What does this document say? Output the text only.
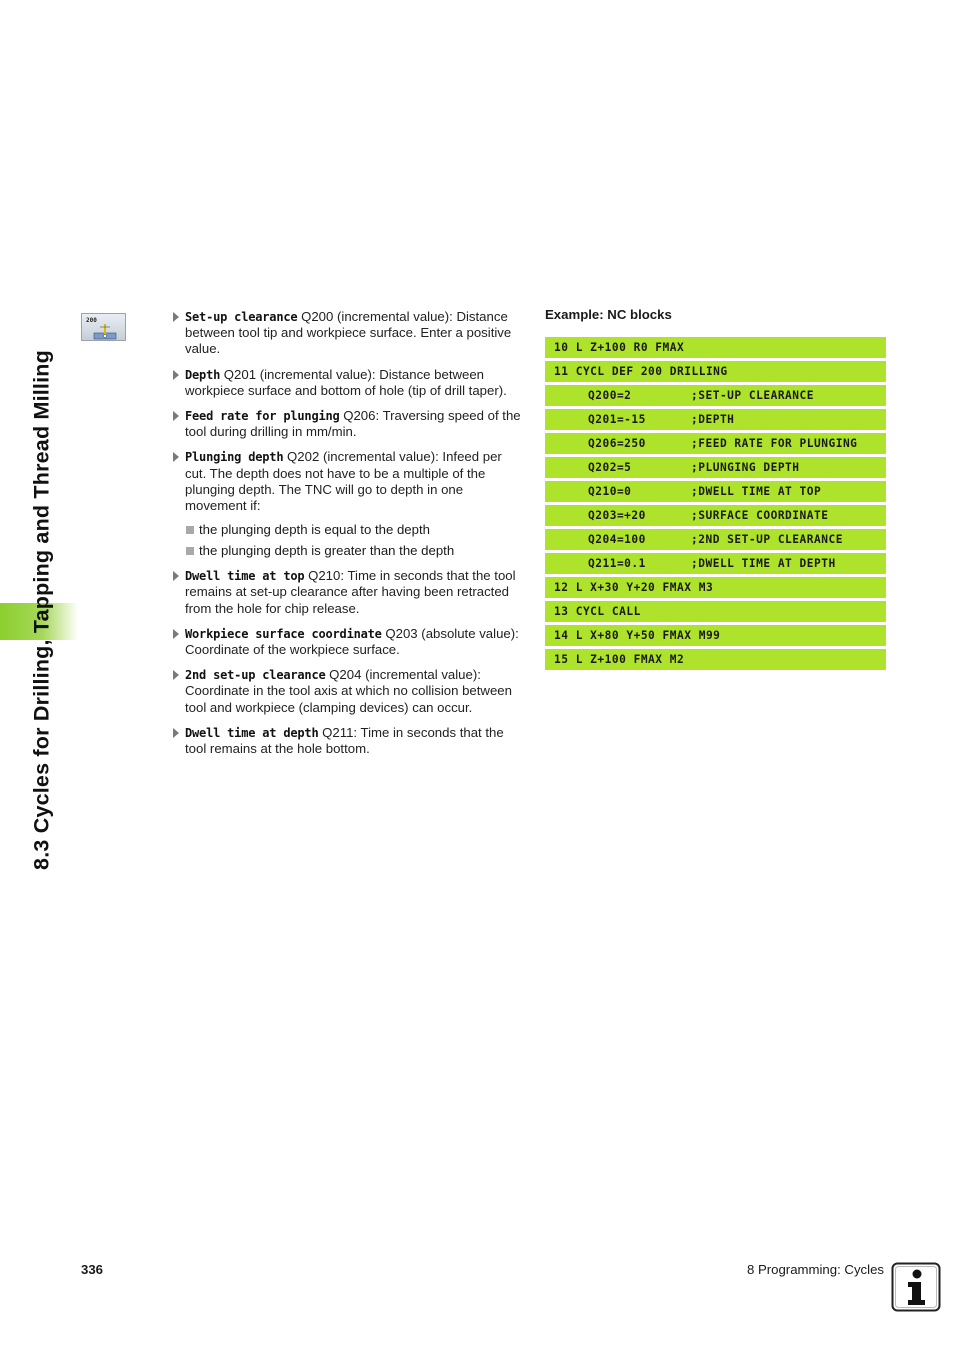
8.3 Cycles for Drilling, Tapping and Thread Milling
200	Set-up clearance Q200 (incremental value): Distance between tool tip and workpiece surface. Enter a positive value.
Depth Q201 (incremental value): Distance between workpiece surface and bottom of hole (tip of drill taper).
Feed rate for plunging Q206: Traversing speed of the tool during drilling in mm/min.
Plunging depth Q202 (incremental value): Infeed per cut. The depth does not have to be a multiple of the plunging depth. The TNC will go to depth in one movement if:
the plunging depth is equal to the depth
the plunging depth is greater than the depth
Dwell time at top Q210: Time in seconds that the tool remains at set-up clearance after having been retracted from the hole for chip release.
Workpiece surface coordinate Q203 (absolute value): Coordinate of the workpiece surface.
2nd set-up clearance Q204 (incremental value): Coordinate in the tool axis at which no collision between tool and workpiece (clamping devices) can occur.
Dwell time at depth Q211: Time in seconds that the tool remains at the hole bottom.
Example: NC blocks
10 L Z+100 R0 FMAX
11 CYCL DEF 200 DRILLING
Q200=2	;SET-UP CLEARANCE
Q201=-15	;DEPTH
Q206=250	;FEED RATE FOR PLUNGING
Q202=5	;PLUNGING DEPTH
Q210=0	;DWELL TIME AT TOP
Q203=+20	;SURFACE COORDINATE
Q204=100	;2ND SET-UP CLEARANCE
Q211=0.1	;DWELL TIME AT DEPTH
12 L X+30 Y+20 FMAX M3
13 CYCL CALL
14 L X+80 Y+50 FMAX M99
15 L Z+100 FMAX M2
336	8 Programming: Cycles
